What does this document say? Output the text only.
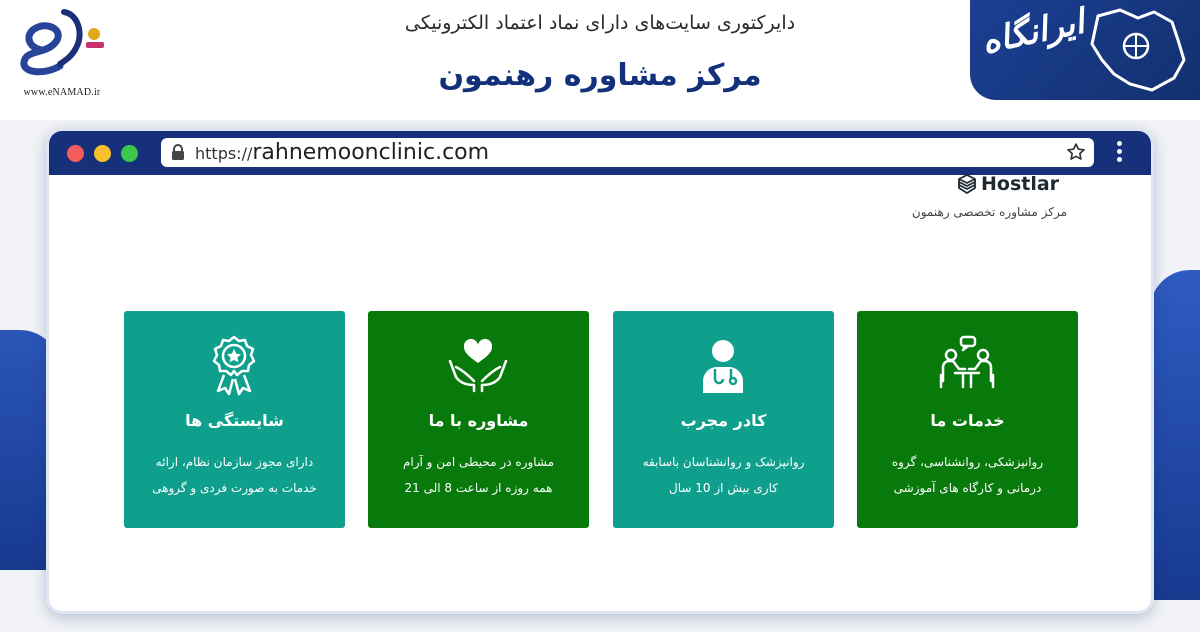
www.eNAMAD.ir
دایرکتوری سایت‌های دارای نماد اعتماد الکترونیکی
مرکز مشاوره رهنمون
ایرانگاه
https://rahnemoonclinic.com
Hostlar
مرکز مشاوره تخصصی رهنمون
خدمات ما
روانپزشکی، روانشناسی، گروه
درمانی و کارگاه های آموزشی
کادر مجرب
روانپزشک و روانشناسان باسابقه
کاری بیش از 10 سال
مشاوره با ما
مشاوره در محیطی امن و آرام
همه روزه از ساعت 8 الی 21
شایستگی ها
دارای مجوز سازمان نظام، ارائه
خدمات به صورت فردی و گروهی
